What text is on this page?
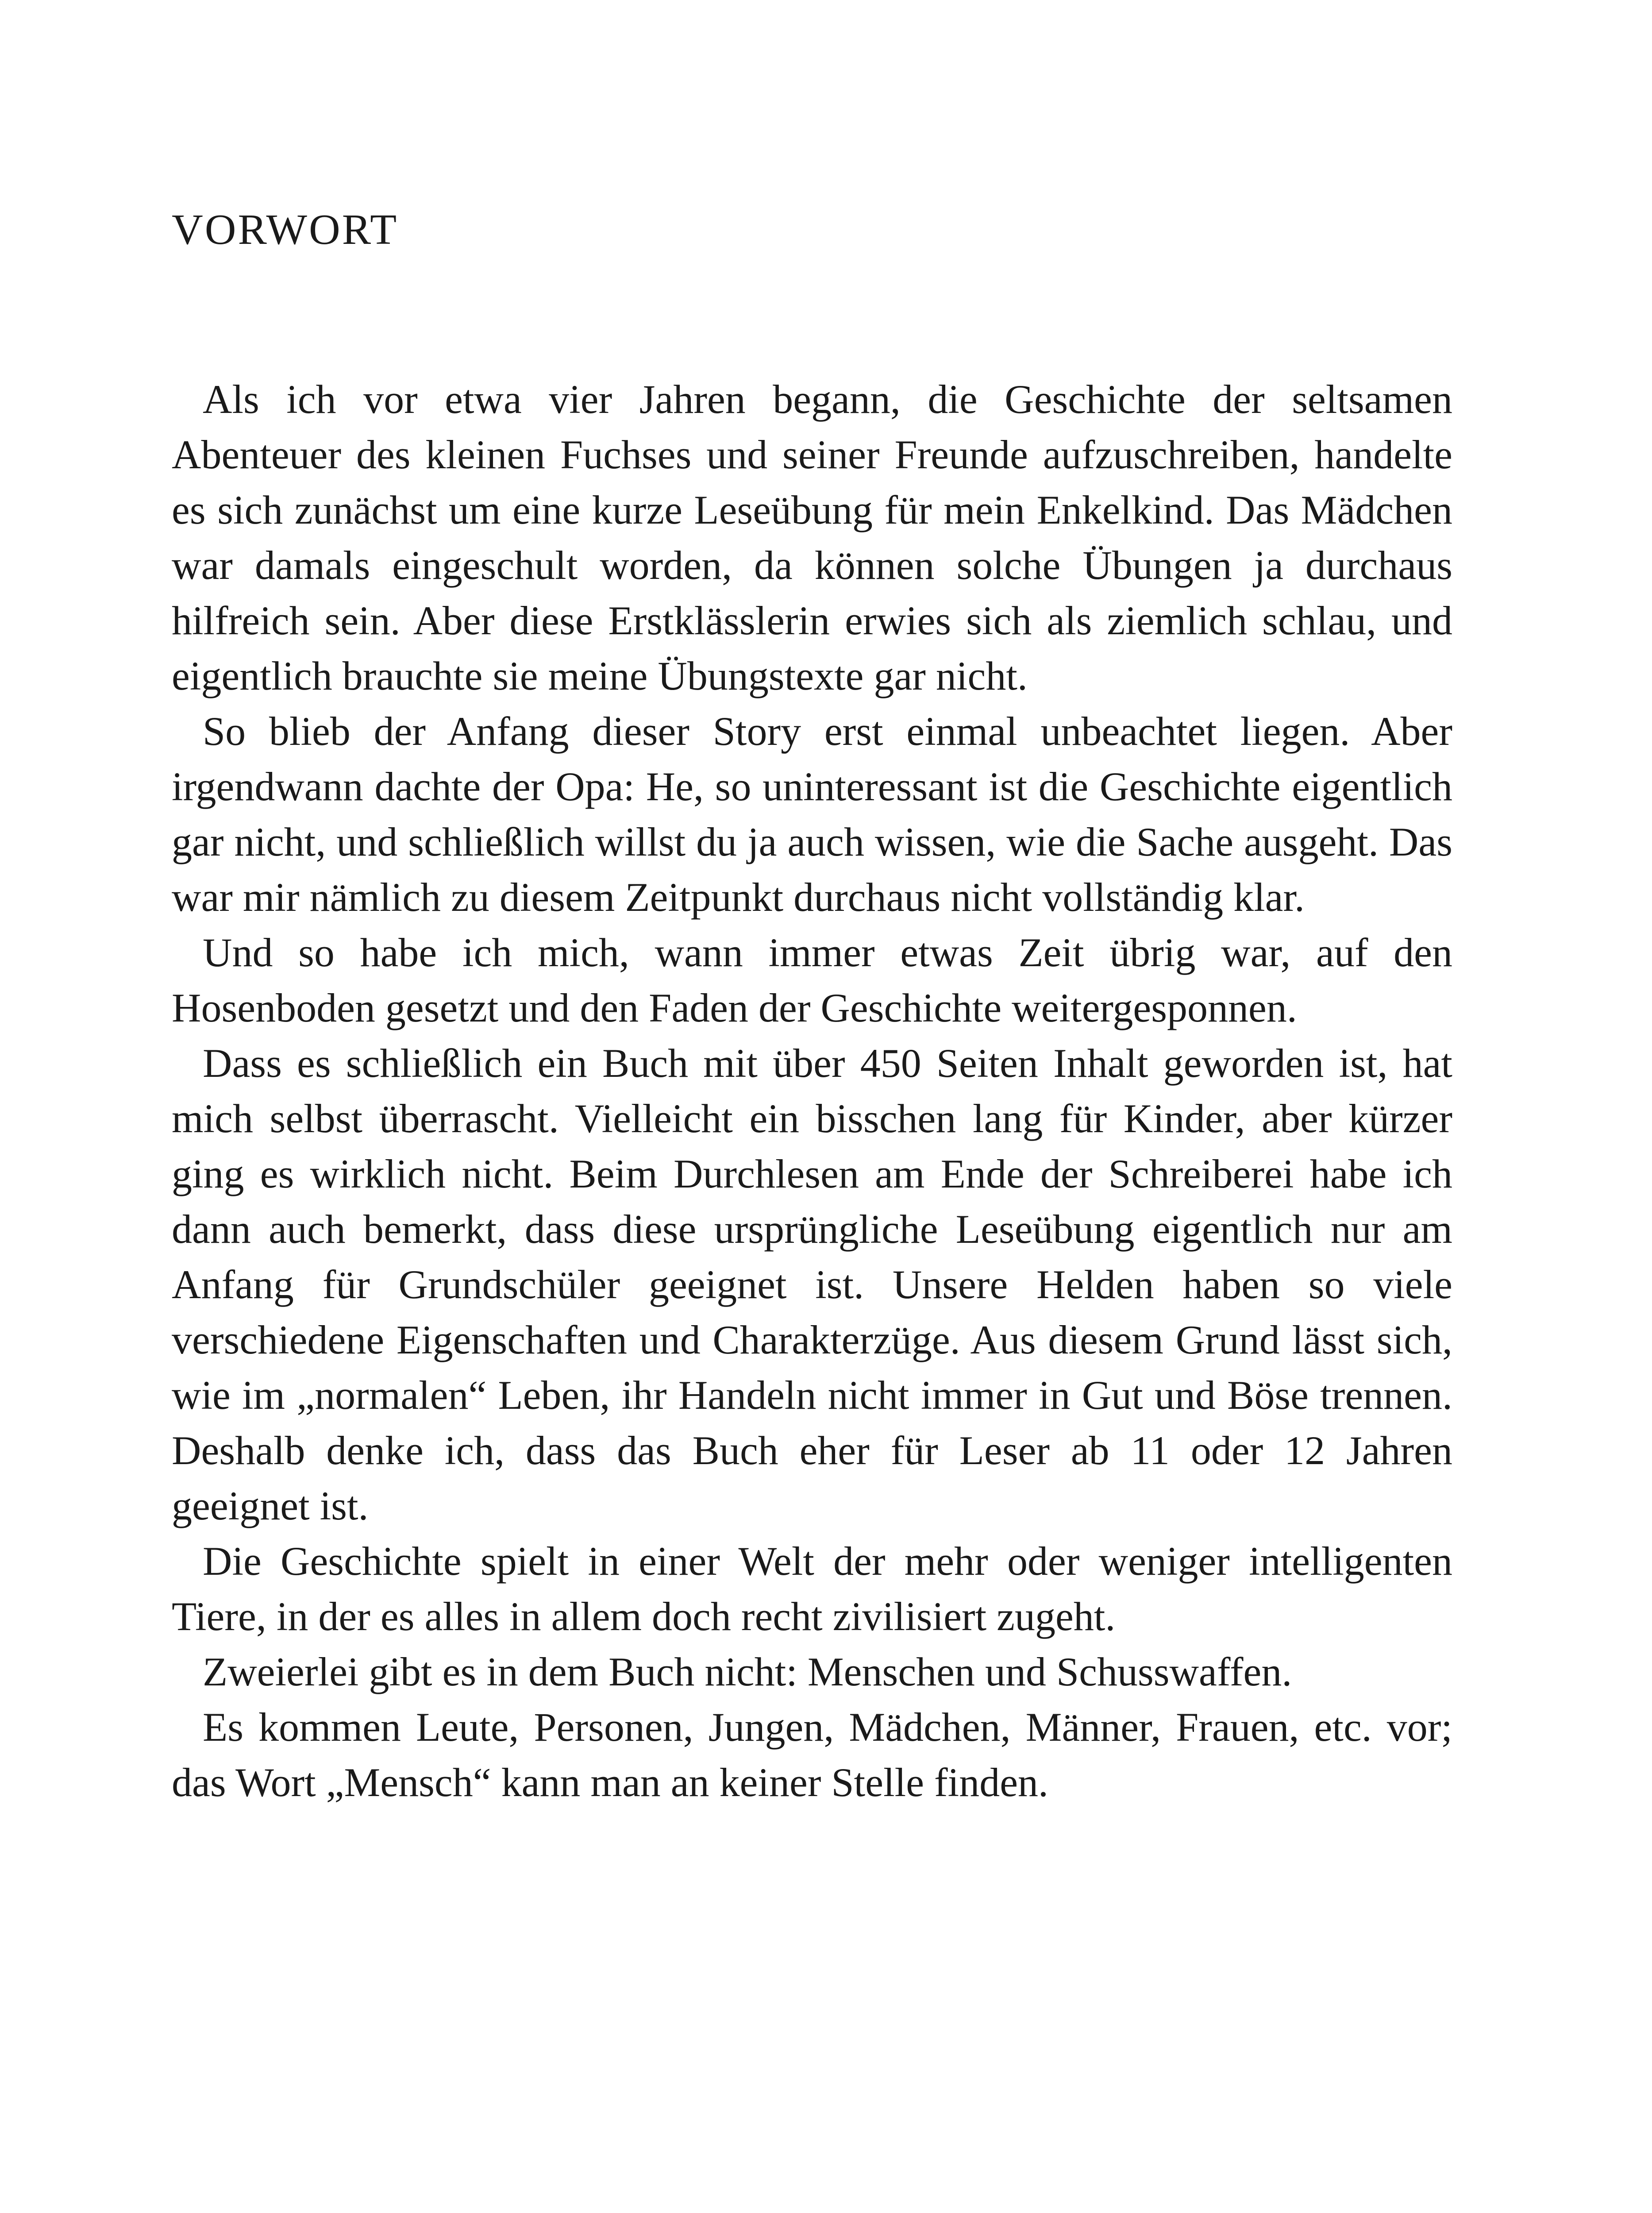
VORWORT

Als ich vor etwa vier Jahren begann, die Geschichte der seltsamen Abenteuer des kleinen Fuchses und seiner Freunde aufzuschreiben, handelte es sich zunächst um eine kurze Leseübung für mein Enkelkind. Das Mädchen war damals eingeschult worden, da können solche Übungen ja durchaus hilfreich sein. Aber diese Erstklässlerin erwies sich als ziemlich schlau, und eigentlich brauchte sie meine Übungstexte gar nicht.

So blieb der Anfang dieser Story erst einmal unbeachtet liegen. Aber irgendwann dachte der Opa: He, so uninteressant ist die Geschichte eigentlich gar nicht, und schließlich willst du ja auch wissen, wie die Sache ausgeht. Das war mir nämlich zu diesem Zeitpunkt durchaus nicht vollständig klar.

Und so habe ich mich, wann immer etwas Zeit übrig war, auf den Hosenboden gesetzt und den Faden der Geschichte weitergesponnen.

Dass es schließlich ein Buch mit über 450 Seiten Inhalt geworden ist, hat mich selbst überrascht. Vielleicht ein bisschen lang für Kinder, aber kürzer ging es wirklich nicht. Beim Durchlesen am Ende der Schreiberei habe ich dann auch bemerkt, dass diese ursprüngliche Leseübung eigentlich nur am Anfang für Grundschüler geeignet ist. Unsere Helden haben so viele verschiedene Eigenschaften und Charakterzüge. Aus diesem Grund lässt sich, wie im „normalen“ Leben, ihr Handeln nicht immer in Gut und Böse trennen. Deshalb denke ich, dass das Buch eher für Leser ab 11 oder 12 Jahren geeignet ist.

Die Geschichte spielt in einer Welt der mehr oder weniger intelligenten Tiere, in der es alles in allem doch recht zivilisiert zugeht.

Zweierlei gibt es in dem Buch nicht: Menschen und Schusswaffen.

Es kommen Leute, Personen, Jungen, Mädchen, Männer, Frauen, etc. vor; das Wort „Mensch“ kann man an keiner Stelle finden.
